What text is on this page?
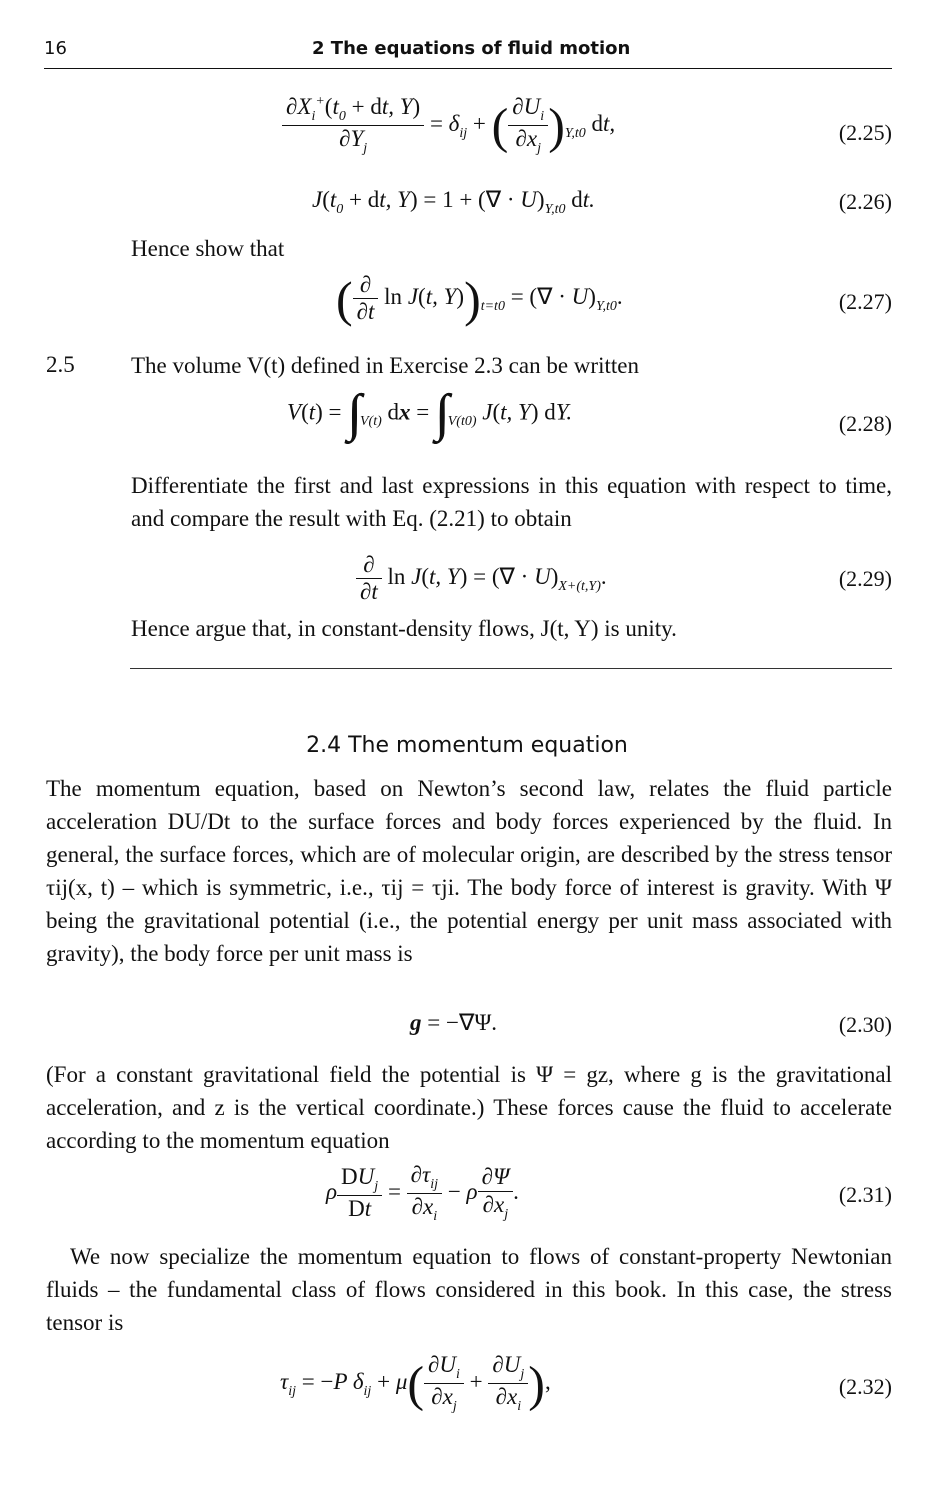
16	2 The equations of fluid motion
$\frac{\partial X_i^+(t_0 + dt, Y)}{\partial Y_j} = \delta_{ij}$ + ( $\frac{\partial U_i}{\partial x_j} )_{Y,t0}$ dt,	(2.25)
$J(t_0$ + dt, Y) = 1 + (∇ · $U)_{Y,t0}$ dt.	(2.26)
Hence show that
( $\frac{\partial}{\partial t}$ ln J(t, $Y))_{t=t0}$ = (∇ · $U)_{Y,t0}$.	(2.27)
2.5 The volume V(t) defined in Exercise 2.3 can be written
V(t) = ∫∫∫ $_{V(t)}$ dx = ∫∫∫ $_{V(t0)}$ J(t, Y) dY.	(2.28)
Differentiate the first and last expressions in this equation with respect to time, and compare the result with Eq. (2.21) to obtain
$\frac{\partial}{\partial t}$ ln J(t, Y) = (∇ · $U)_{X+(t,Y)}$.	(2.29)
Hence argue that, in constant-density flows, J(t, Y) is unity.
2.4 The momentum equation
The momentum equation, based on Newton’s second law, relates the fluid particle acceleration DU/Dt to the surface forces and body forces experienced by the fluid. In general, the surface forces, which are of molecular origin, are described by the stress tensor τij(x, t) – which is symmetric, i.e., τij = τji. The body force of interest is gravity. With Ψ being the gravitational potential (i.e., the potential energy per unit mass associated with gravity), the body force per unit mass is
g = −∇Ψ.	(2.30)
(For a constant gravitational field the potential is Ψ = gz, where g is the gravitational acceleration, and z is the vertical coordinate.) These forces cause the fluid to accelerate according to the momentum equation
ρ $\frac{DU_j}{Dt} = \frac{\partial\tau_{ij}}{\partial x_i} - \rho \frac{\partial\Psi}{\partial x_j}$ .	(2.31)
We now specialize the momentum equation to flows of constant-property Newtonian fluids – the fundamental class of flows considered in this book. In this case, the stress tensor is
$\tau_{ij} = -P$ $\delta_{ij} + \mu( \frac{\partial U_i}{\partial x_j} + \frac{\partial U_j}{\partial x_i}$ ),	(2.32)
